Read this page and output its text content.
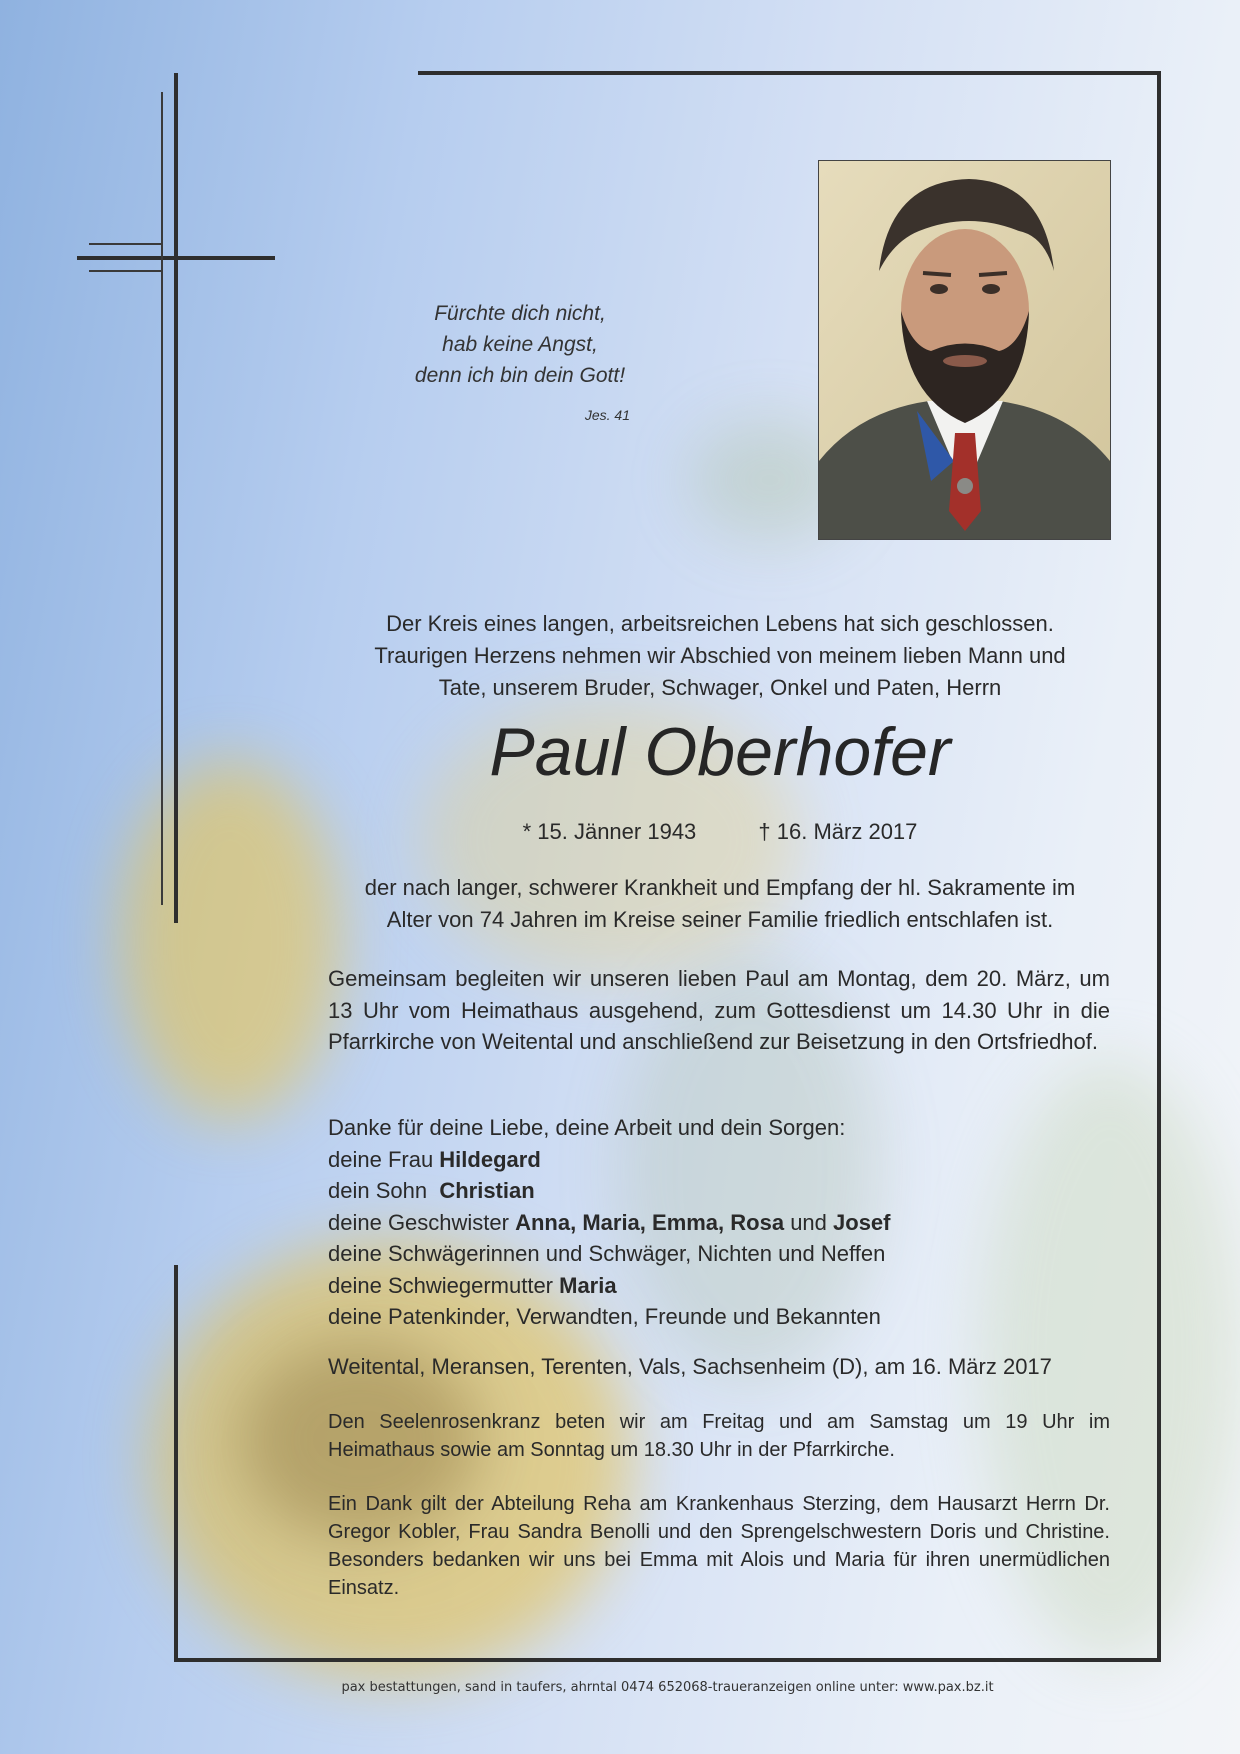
Fürchte dich nicht,
hab keine Angst,
denn ich bin dein Gott!
Jes. 41
Der Kreis eines langen, arbeitsreichen Lebens hat sich geschlossen.
Traurigen Herzens nehmen wir Abschied von meinem lieben Mann und
Tate, unserem Bruder, Schwager, Onkel und Paten, Herrn
Paul Oberhofer
* 15. Jänner 1943	† 16. März 2017
der nach langer, schwerer Krankheit und Empfang der hl. Sakramente im
Alter von 74 Jahren im Kreise seiner Familie friedlich entschlafen ist.
Gemeinsam begleiten wir unseren lieben Paul am Montag, dem 20. März, um 13 Uhr vom Heimathaus ausgehend, zum Gottesdienst um 14.30 Uhr in die Pfarrkirche von Weitental und anschließend zur Beisetzung in den Ortsfriedhof.
Danke für deine Liebe, deine Arbeit und dein Sorgen:
deine Frau Hildegard
dein Sohn  Christian
deine Geschwister Anna, Maria, Emma, Rosa und Josef
deine Schwägerinnen und Schwäger, Nichten und Neffen
deine Schwiegermutter Maria
deine Patenkinder, Verwandten, Freunde und Bekannten
Weitental, Meransen, Terenten, Vals, Sachsenheim (D), am 16. März 2017
Den Seelenrosenkranz beten wir am Freitag und am Samstag um 19 Uhr im Heimathaus sowie am Sonntag um 18.30 Uhr in der Pfarrkirche.
Ein Dank gilt der Abteilung Reha am Krankenhaus Sterzing, dem Hausarzt Herrn Dr. Gregor Kobler, Frau Sandra Benolli und den Sprengelschwestern Doris und Christine. Besonders bedanken wir uns bei Emma mit Alois und Maria für ihren unermüdlichen Einsatz.
pax bestattungen, sand in taufers, ahrntal 0474 652068-traueranzeigen online unter: www.pax.bz.it
